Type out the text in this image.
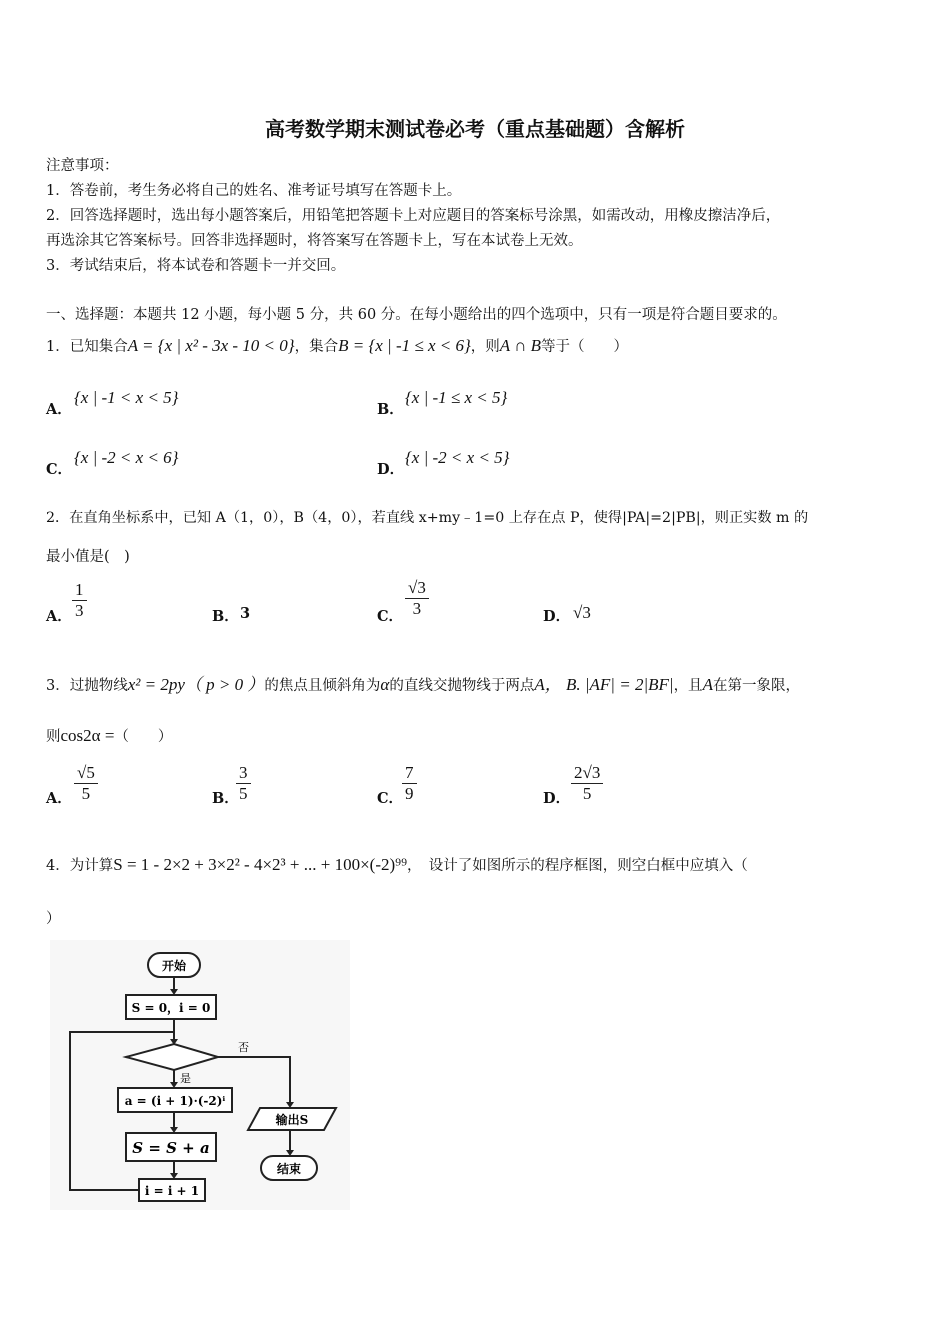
高考数学期末测试卷必考（重点基础题）含解析
注意事项：
1．答卷前，考生务必将自己的姓名、准考证号填写在答题卡上。
2．回答选择题时，选出每小题答案后，用铅笔把答题卡上对应题目的答案标号涂黑，如需改动，用橡皮擦洁净后，
再选涂其它答案标号。回答非选择题时，将答案写在答题卡上，写在本试卷上无效。
3．考试结束后，将本试卷和答题卡一并交回。
一、选择题：本题共 12 小题，每小题 5 分，共 60 分。在每小题给出的四个选项中，只有一项是符合题目要求的。
1．已知集合A = {x | x² - 3x - 10 < 0}，集合B = {x | -1 ≤ x < 6}，则A ∩ B等于（　　）
A．
{x | -1 < x < 5}
B．
{x | -1 ≤ x < 5}
C．
{x | -2 < x < 6}
D．
{x | -2 < x < 5}
2．在直角坐标系中，已知 A（1，0），B（4，0），若直线 x+my﹣1=0 上存在点 P，使得|PA|=2|PB|，则正实数 m 的
最小值是(　)
A． $\frac{1}{3}$	B． 3	C． $\frac{√3}{3}$	D． √3
3．过抛物线x² = 2py（ p > 0 ）的焦点且倾斜角为α的直线交抛物线于两点A， B. |AF| = 2|BF|，且A在第一象限，
则cos2α =（　　）
A． $\frac{√5}{5}$	B．
$\frac{3}{5}$	C．
$\frac{7}{9}$	D． $\frac{2√3}{5}$
4．为计算S = 1 - 2×2 + 3×2² - 4×2³ + ... + 100×(-2)⁹⁹，　设计了如图所示的程序框图，则空白框中应填入（
）
开始
S = 0，i = 0
否
是
a = (i + 1)·(-2)ⁱ
S = S + a
i = i + 1
输出S
结束
